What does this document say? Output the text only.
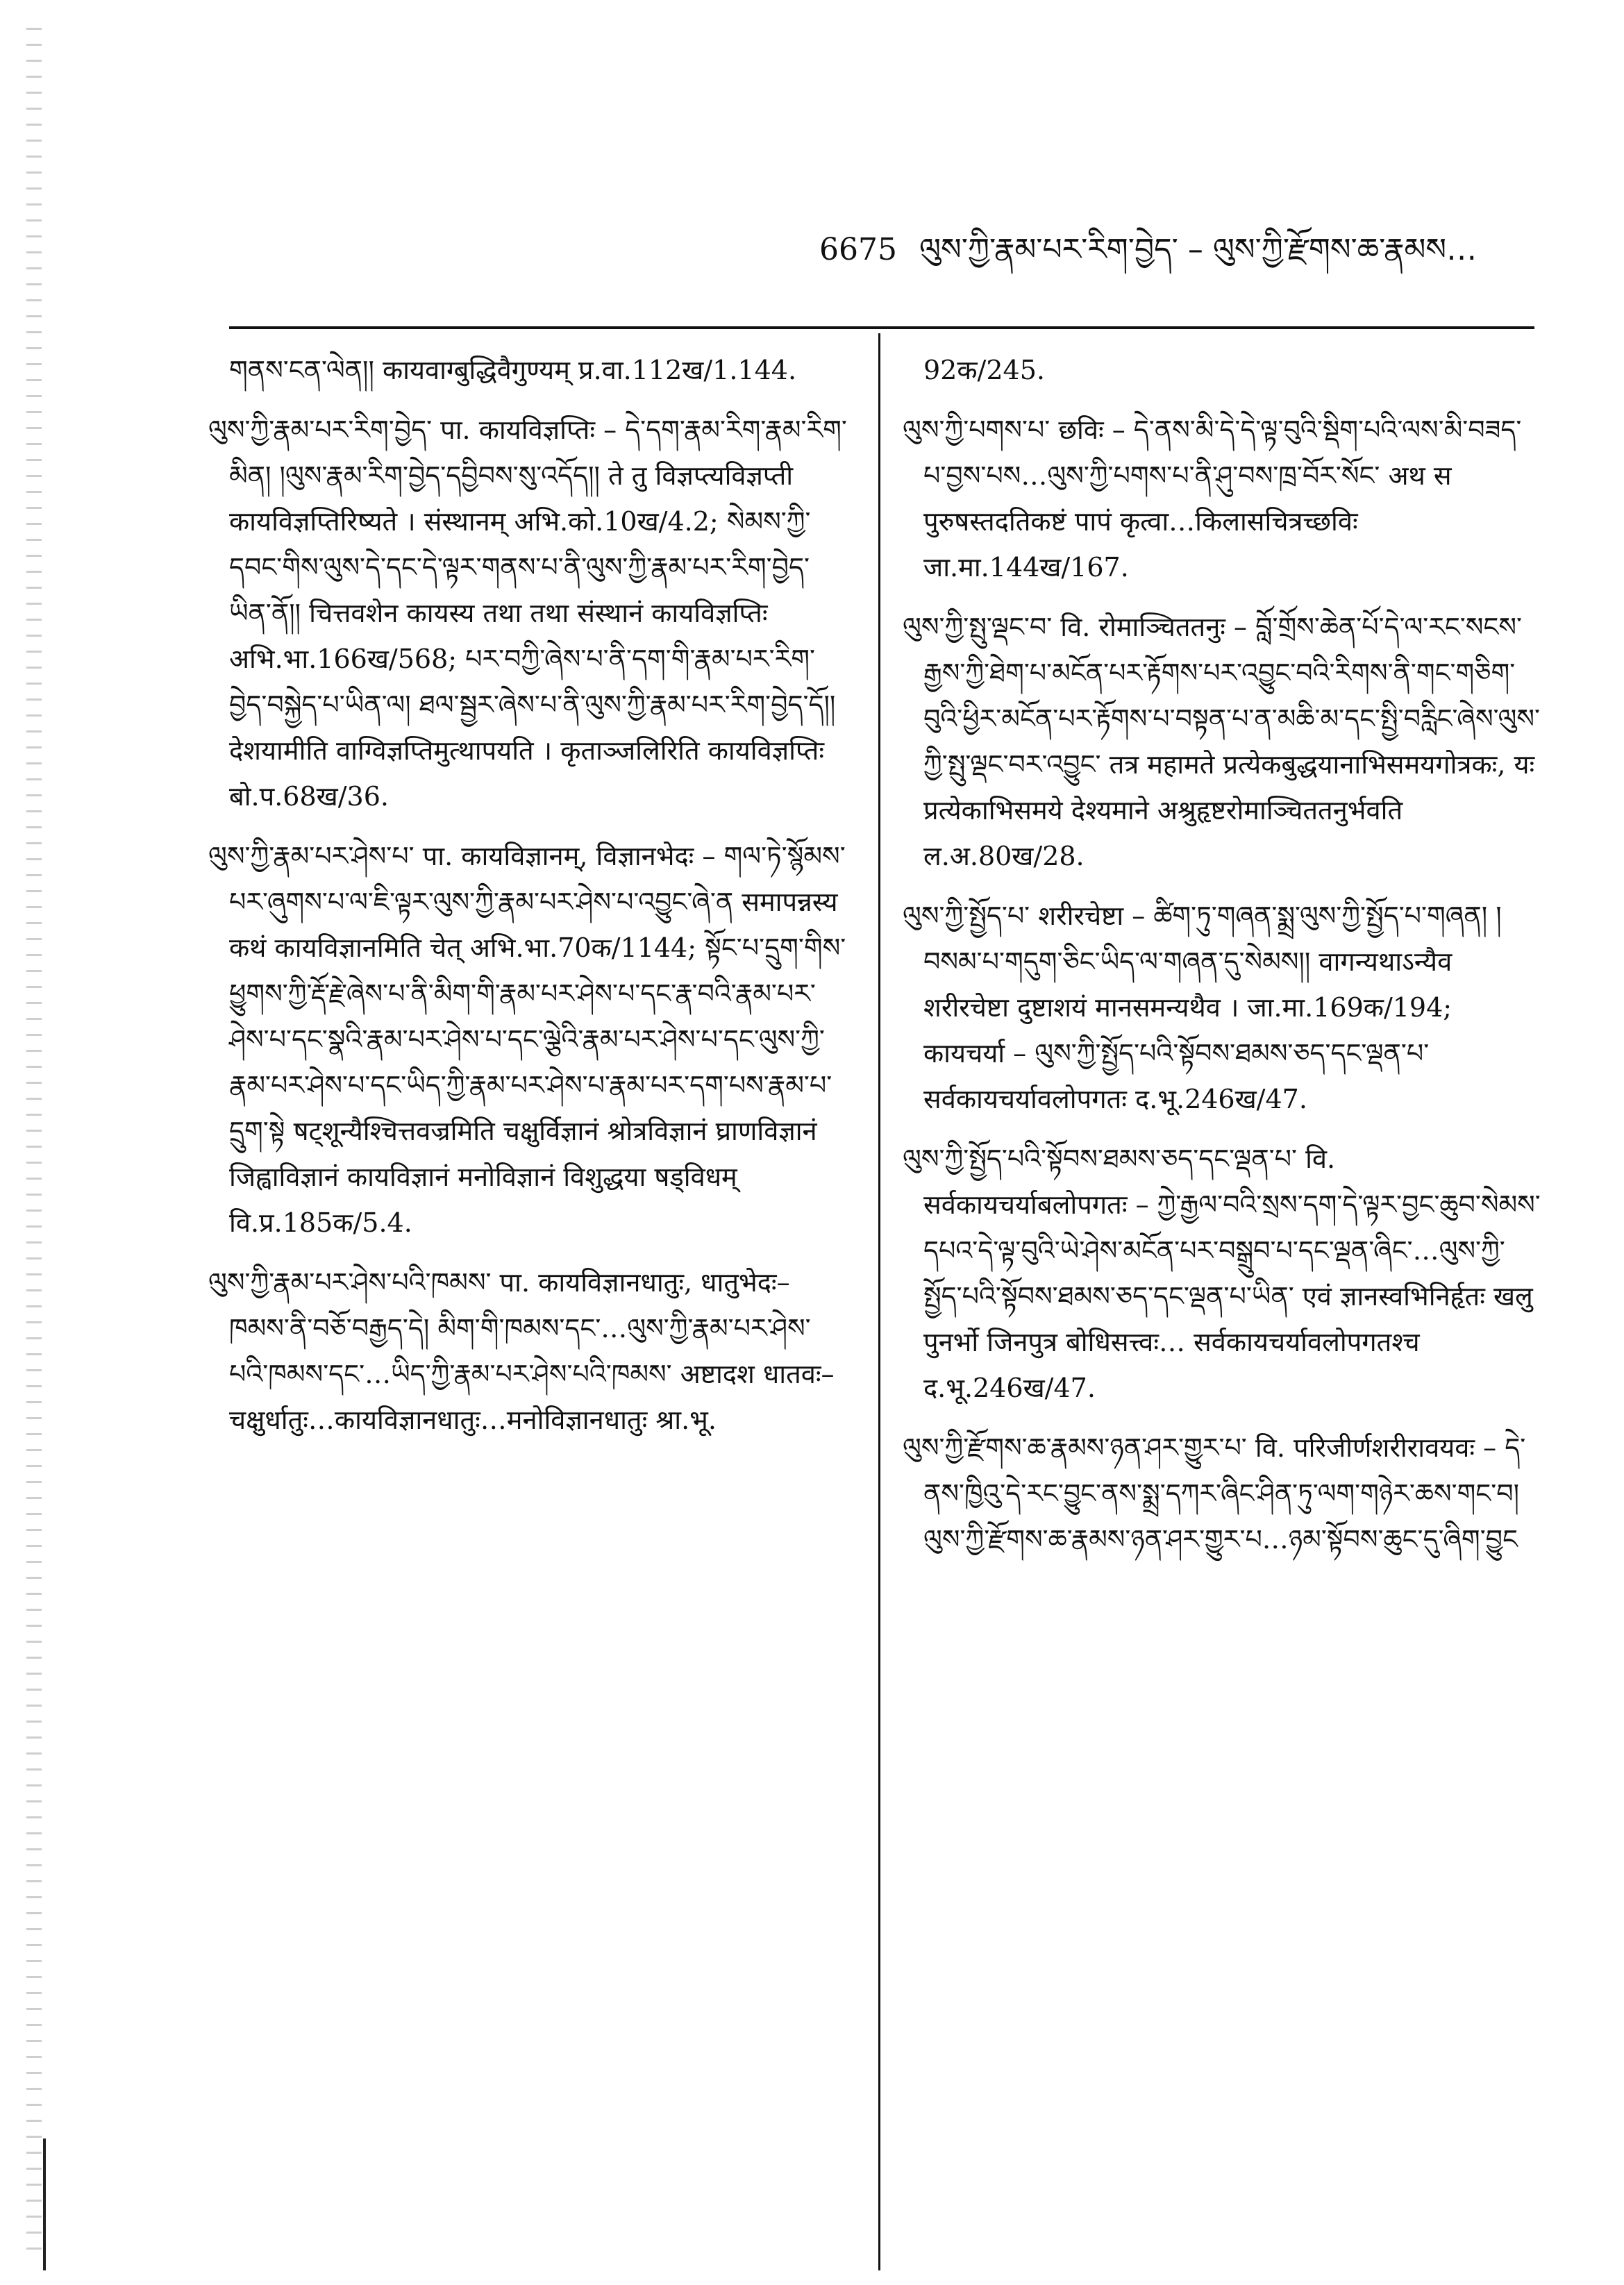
6675 ལུས་ཀྱི་རྣམ་པར་རིག་བྱེད་ – ལུས་ཀྱི་རྫོགས་ཆ་རྣམས…

གནས་ངན་ལེན།། कायवाग्बुद्धिवैगुण्यम् प्र.वा.112ख/1.144.

ལུས་ཀྱི་རྣམ་པར་རིག་བྱེད་ पा. कायविज्ञप्तिः – དེ་དག་རྣམ་རིག་རྣམ་རིག་མིན། །ལུས་རྣམ་རིག་བྱེད་དབྱིབས་སུ་འདོད།། ते तु विज्ञप्त्यविज्ञप्ती कायविज्ञप्तिरिष्यते । संस्थानम् अभि.को.10ख/4.2; སེམས་ཀྱི་དབང་གིས་ལུས་དེ་དང་དེ་ལྟར་གནས་པ་ནི་ལུས་ཀྱི་རྣམ་པར་རིག་བྱེད་ཡིན་ནོ།། चित्तवशेन कायस्य तथा तथा संस्थानं कायविज्ञप्तिः अभि.भा.166ख/568; པར་བཀྱི་ཞེས་པ་ནི་དག་གི་རྣམ་པར་རིག་བྱེད་བསྐྱེད་པ་ཡིན་ལ། ཐལ་སྦྱར་ཞེས་པ་ནི་ལུས་ཀྱི་རྣམ་པར་རིག་བྱེད་དོ།། देशयामीति वाग्विज्ञप्तिमुत्थापयति । कृताञ्जलिरिति कायविज्ञप्तिः बो.प.68ख/36.

ལུས་ཀྱི་རྣམ་པར་ཤེས་པ་ पा. कायविज्ञानम्, विज्ञानभेदः – གལ་ཏེ་སྙོམས་པར་ཞུགས་པ་ལ་ཇི་ལྟར་ལུས་ཀྱི་རྣམ་པར་ཤེས་པ་འབྱུང་ཞེ་ན समापन्नस्य कथं कायविज्ञानमिति चेत् अभि.भा.70क/1144; སྟོང་པ་དྲུག་གིས་ཕྱུགས་ཀྱི་རྡོ་རྗེ་ཞེས་པ་ནི་མིག་གི་རྣམ་པར་ཤེས་པ་དང་རྣ་བའི་རྣམ་པར་ཤེས་པ་དང་སྣའི་རྣམ་པར་ཤེས་པ་དང་ལྕེའི་རྣམ་པར་ཤེས་པ་དང་ལུས་ཀྱི་རྣམ་པར་ཤེས་པ་དང་ཡིད་ཀྱི་རྣམ་པར་ཤེས་པ་རྣམ་པར་དག་པས་རྣམ་པ་དྲུག་སྟེ षट्शून्यैश्चित्तवज्रमिति चक्षुर्विज्ञानं श्रोत्रविज्ञानं घ्राणविज्ञानं जिह्वाविज्ञानं कायविज्ञानं मनोविज्ञानं विशुद्धया षड्विधम् वि.प्र.185क/5.4.

ལུས་ཀྱི་རྣམ་པར་ཤེས་པའི་ཁམས་ पा. कायविज्ञानधातुः, धातुभेदः–ཁམས་ནི་བཅོ་བརྒྱད་དེ། མིག་གི་ཁམས་དང་…ལུས་ཀྱི་རྣམ་པར་ཤེས་པའི་ཁམས་དང་…ཡིད་ཀྱི་རྣམ་པར་ཤེས་པའི་ཁམས་ अष्टादश धातवः–चक्षुर्धातुः…कायविज्ञानधातुः…मनोविज्ञानधातुः श्रा.भू.

92क/245.

ལུས་ཀྱི་པགས་པ་ छविः – དེ་ནས་མི་དེ་དེ་ལྟ་བུའི་སྡིག་པའི་ལས་མི་བཟད་པ་བྱས་པས…ལུས་ཀྱི་པགས་པ་ནི་ཤུ་བས་ཁྲ་བོར་སོང་ अथ स पुरुषस्तदतिकष्टं पापं कृत्वा…किलासचित्रच्छविः जा.मा.144ख/167.

ལུས་ཀྱི་སྤུ་ལྡང་བ་ वि. रोमाञ्चिततनुः – བློ་གྲོས་ཆེན་པོ་དེ་ལ་རང་སངས་རྒྱས་ཀྱི་ཐེག་པ་མངོན་པར་རྟོགས་པར་འབྱུང་བའི་རིགས་ནི་གང་གཅིག་བུའི་ཕྱིར་མངོན་པར་རྟོགས་པ་བསྟན་པ་ན་མཆི་མ་དང་སྤྱི་བརླིང་ཞེས་ལུས་ཀྱི་སྤུ་ལྡང་བར་འབྱུང་ तत्र महामते प्रत्येकबुद्धयानाभिसमयगोत्रकः, यः प्रत्येकाभिसमये देश्यमाने अश्रुहृष्टरोमाञ्चिततनुर्भवति ल.अ.80ख/28.

ལུས་ཀྱི་སྤྱོད་པ་ शरीरचेष्टा – ཚིག་ཏུ་གཞན་སྨྲ་ལུས་ཀྱི་སྤྱོད་པ་གཞན། །བསམ་པ་གདུག་ཅིང་ཡིད་ལ་གཞན་དུ་སེམས།། वागन्यथाऽन्यैव शरीरचेष्टा दुष्टाशयं मानसमन्यथैव । जा.मा.169क/194; कायचर्या – ལུས་ཀྱི་སྤྱོད་པའི་སྟོབས་ཐམས་ཅད་དང་ལྡན་པ་ सर्वकायचर्यावलोपगतः द.भू.246ख/47.

ལུས་ཀྱི་སྤྱོད་པའི་སྟོབས་ཐམས་ཅད་དང་ལྡན་པ་ वि. सर्वकायचर्याबलोपगतः – ཀྱེ་རྒྱལ་བའི་སྲས་དག་དེ་ལྟར་བྱང་ཆུབ་སེམས་དཔའ་དེ་ལྟ་བུའི་ཡེ་ཤེས་མངོན་པར་བསྒྲུབ་པ་དང་ལྡན་ཞིང་…ལུས་ཀྱི་སྤྱོད་པའི་སྟོབས་ཐམས་ཅད་དང་ལྡན་པ་ཡིན་ एवं ज्ञानस्वभिनिर्हृतः खलु पुनर्भो जिनपुत्र बोधिसत्त्वः… सर्वकायचर्यावलोपगतश्च द.भू.246ख/47.

ལུས་ཀྱི་རྫོགས་ཆ་རྣམས་ཉན་ཤར་གྱུར་པ་ वि. परिजीर्णशरीरावयवः – དེ་ནས་ཁྱིའུ་དེ་རང་བྱུང་ནས་སྨྲ་དཀར་ཞིང་ཤིན་ཏུ་ལག་གཉེར་ཆས་གང་བ། ལུས་ཀྱི་རྫོགས་ཆ་རྣམས་ཉན་ཤར་གྱུར་པ…ཉམ་སྟོབས་ཆུང་དུ་ཞིག་བྱུང
